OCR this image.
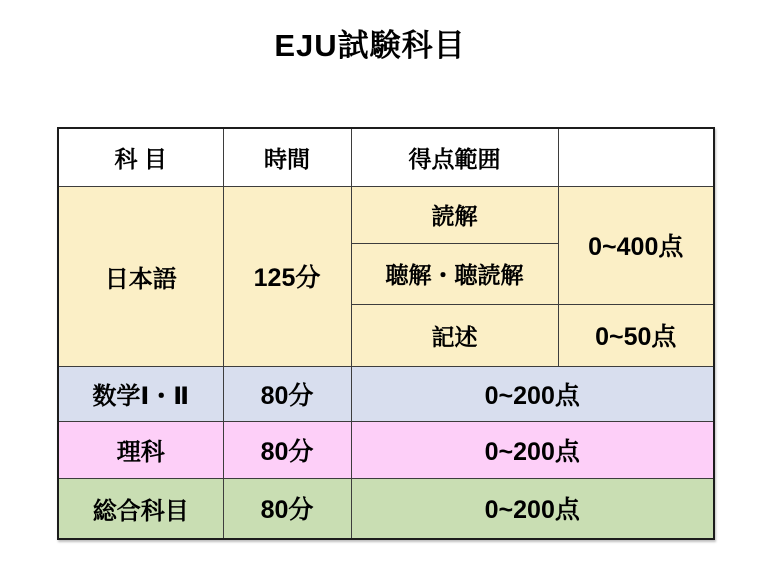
EJU試験科目
科 目	時間	得点範囲	
日本語	125分	読解	0~400点
		聴解・聴読解	
		記述	0~50点
数学Ⅰ・Ⅱ	80分	0~200点	
理科	80分	0~200点	
総合科目	80分	0~200点	
